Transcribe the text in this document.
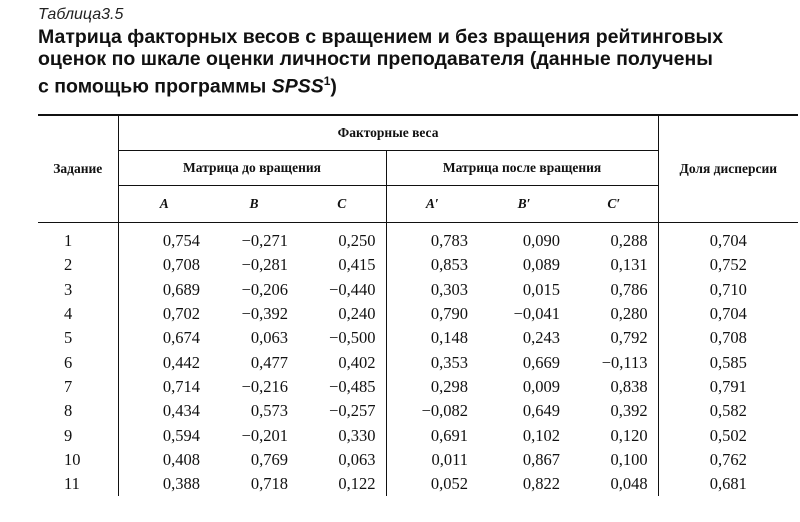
Таблица3.5
Матрица факторных весов с вращением и без вращения рейтинговых
оценок по шкале оценки личности преподавателя (данные получены
с помощью программы SPSS$^1$)
Задание	Факторные веса						Доля дисперсии
	Матрица до вращения			Матрица после вращения			
	A	B	C	A′	B′	C′	
1	0,754	−0,271	0,250	0,783	0,090	0,288	0,704
2	0,708	−0,281	0,415	0,853	0,089	0,131	0,752
3	0,689	−0,206	−0,440	0,303	0,015	0,786	0,710
4	0,702	−0,392	0,240	0,790	−0,041	0,280	0,704
5	0,674	0,063	−0,500	0,148	0,243	0,792	0,708
6	0,442	0,477	0,402	0,353	0,669	−0,113	0,585
7	0,714	−0,216	−0,485	0,298	0,009	0,838	0,791
8	0,434	0,573	−0,257	−0,082	0,649	0,392	0,582
9	0,594	−0,201	0,330	0,691	0,102	0,120	0,502
10	0,408	0,769	0,063	0,011	0,867	0,100	0,762
11	0,388	0,718	0,122	0,052	0,822	0,048	0,681
